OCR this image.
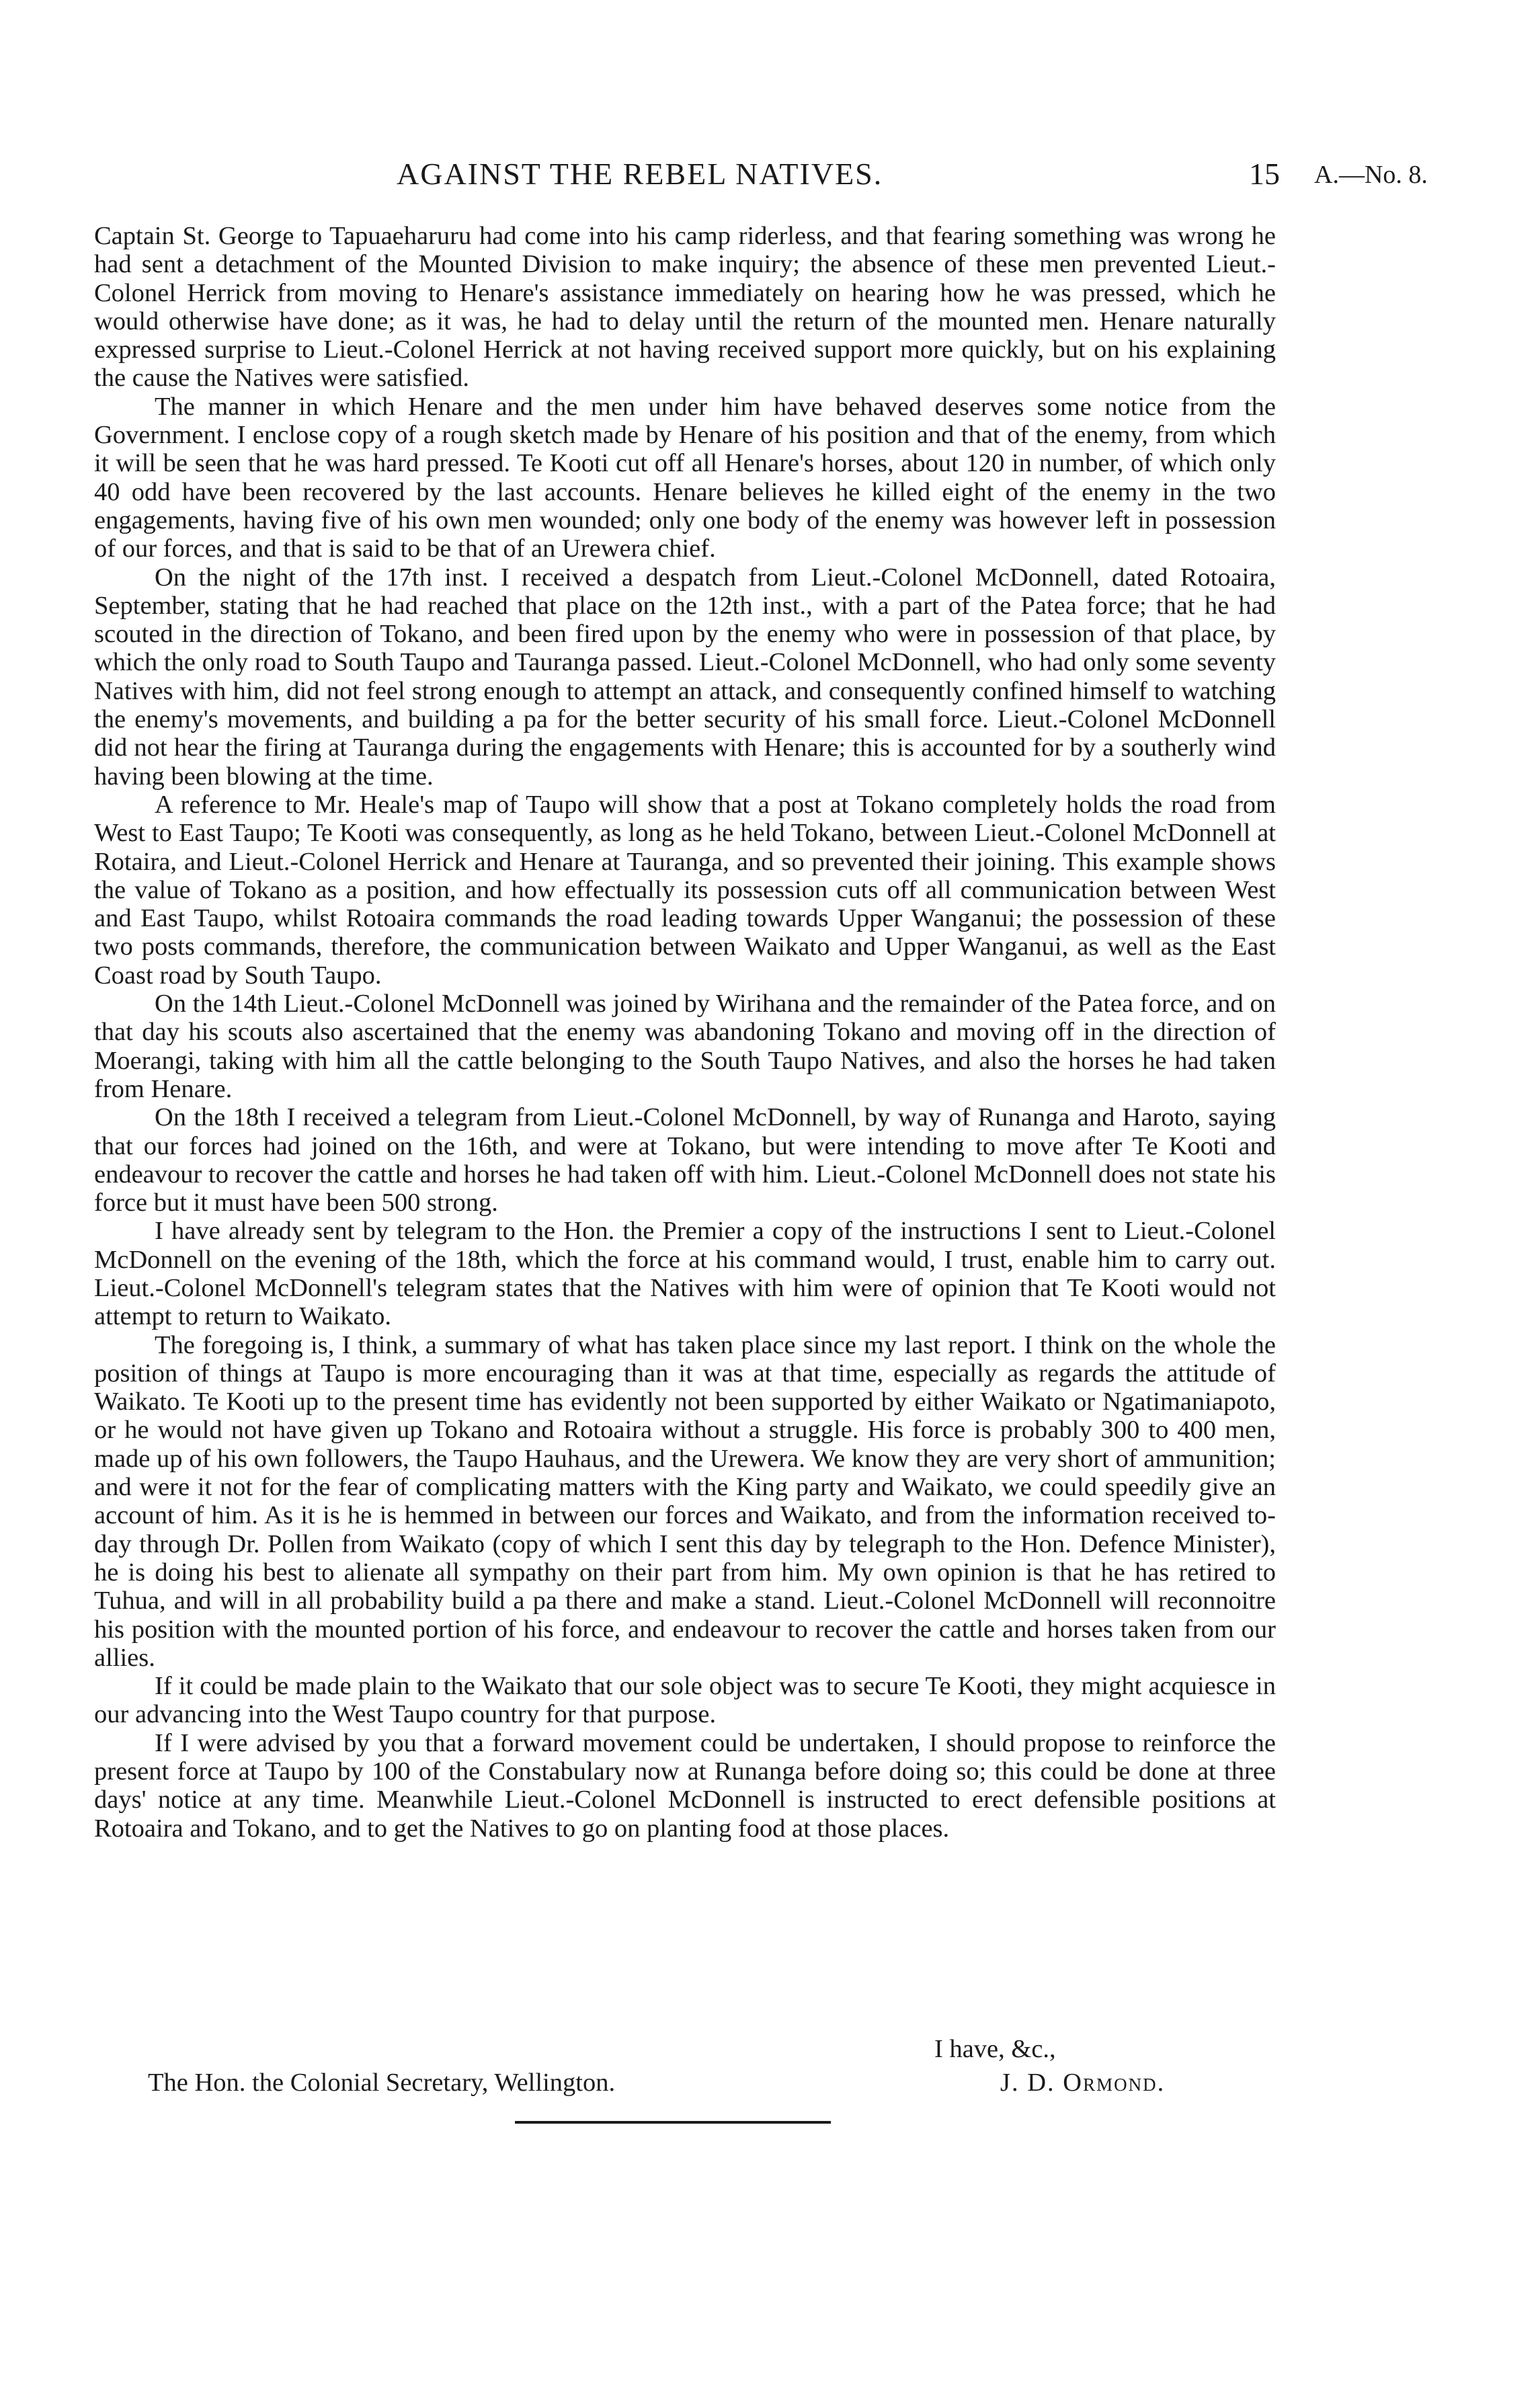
AGAINST THE REBEL NATIVES.	15 A.—No. 8.

Captain St. George to Tapuaeharuru had come into his camp riderless, and that fearing something was wrong he had sent a detachment of the Mounted Division to make inquiry; the absence of these men prevented Lieut.-Colonel Herrick from moving to Henare's assistance immediately on hearing how he was pressed, which he would otherwise have done; as it was, he had to delay until the return of the mounted men. Henare naturally expressed surprise to Lieut.-Colonel Herrick at not having received support more quickly, but on his explaining the cause the Natives were satisfied.

The manner in which Henare and the men under him have behaved deserves some notice from the Government. I enclose copy of a rough sketch made by Henare of his position and that of the enemy, from which it will be seen that he was hard pressed. Te Kooti cut off all Henare's horses, about 120 in number, of which only 40 odd have been recovered by the last accounts. Henare believes he killed eight of the enemy in the two engagements, having five of his own men wounded; only one body of the enemy was however left in possession of our forces, and that is said to be that of an Urewera chief.

On the night of the 17th inst. I received a despatch from Lieut.-Colonel McDonnell, dated Rotoaira, September, stating that he had reached that place on the 12th inst., with a part of the Patea force; that he had scouted in the direction of Tokano, and been fired upon by the enemy who were in possession of that place, by which the only road to South Taupo and Tauranga passed. Lieut.-Colonel McDonnell, who had only some seventy Natives with him, did not feel strong enough to attempt an attack, and consequently confined himself to watching the enemy's movements, and building a pa for the better security of his small force. Lieut.-Colonel McDonnell did not hear the firing at Tauranga during the engagements with Henare; this is accounted for by a southerly wind having been blowing at the time.

A reference to Mr. Heale's map of Taupo will show that a post at Tokano completely holds the road from West to East Taupo; Te Kooti was consequently, as long as he held Tokano, between Lieut.-Colonel McDonnell at Rotaira, and Lieut.-Colonel Herrick and Henare at Tauranga, and so prevented their joining. This example shows the value of Tokano as a position, and how effectually its possession cuts off all communication between West and East Taupo, whilst Rotoaira commands the road leading towards Upper Wanganui; the possession of these two posts commands, therefore, the communication between Waikato and Upper Wanganui, as well as the East Coast road by South Taupo.

On the 14th Lieut.-Colonel McDonnell was joined by Wirihana and the remainder of the Patea force, and on that day his scouts also ascertained that the enemy was abandoning Tokano and moving off in the direction of Moerangi, taking with him all the cattle belonging to the South Taupo Natives, and also the horses he had taken from Henare.

On the 18th I received a telegram from Lieut.-Colonel McDonnell, by way of Runanga and Haroto, saying that our forces had joined on the 16th, and were at Tokano, but were intending to move after Te Kooti and endeavour to recover the cattle and horses he had taken off with him. Lieut.-Colonel McDonnell does not state his force but it must have been 500 strong.

I have already sent by telegram to the Hon. the Premier a copy of the instructions I sent to Lieut.-Colonel McDonnell on the evening of the 18th, which the force at his command would, I trust, enable him to carry out. Lieut.-Colonel McDonnell's telegram states that the Natives with him were of opinion that Te Kooti would not attempt to return to Waikato.

The foregoing is, I think, a summary of what has taken place since my last report. I think on the whole the position of things at Taupo is more encouraging than it was at that time, especially as regards the attitude of Waikato. Te Kooti up to the present time has evidently not been supported by either Waikato or Ngatimaniapoto, or he would not have given up Tokano and Rotoaira without a struggle. His force is probably 300 to 400 men, made up of his own followers, the Taupo Hauhaus, and the Urewera. We know they are very short of ammunition; and were it not for the fear of complicating matters with the King party and Waikato, we could speedily give an account of him. As it is he is hemmed in between our forces and Waikato, and from the information received to-day through Dr. Pollen from Waikato (copy of which I sent this day by telegraph to the Hon. Defence Minister), he is doing his best to alienate all sympathy on their part from him. My own opinion is that he has retired to Tuhua, and will in all probability build a pa there and make a stand. Lieut.-Colonel McDonnell will reconnoitre his position with the mounted portion of his force, and endeavour to recover the cattle and horses taken from our allies.

If it could be made plain to the Waikato that our sole object was to secure Te Kooti, they might acquiesce in our advancing into the West Taupo country for that purpose.

If I were advised by you that a forward movement could be undertaken, I should propose to reinforce the present force at Taupo by 100 of the Constabulary now at Runanga before doing so; this could be done at three days' notice at any time. Meanwhile Lieut.-Colonel McDonnell is instructed to erect defensible positions at Rotoaira and Tokano, and to get the Natives to go on planting food at those places.

I have, &c.,
The Hon. the Colonial Secretary, Wellington.	J. D. Ormond.
